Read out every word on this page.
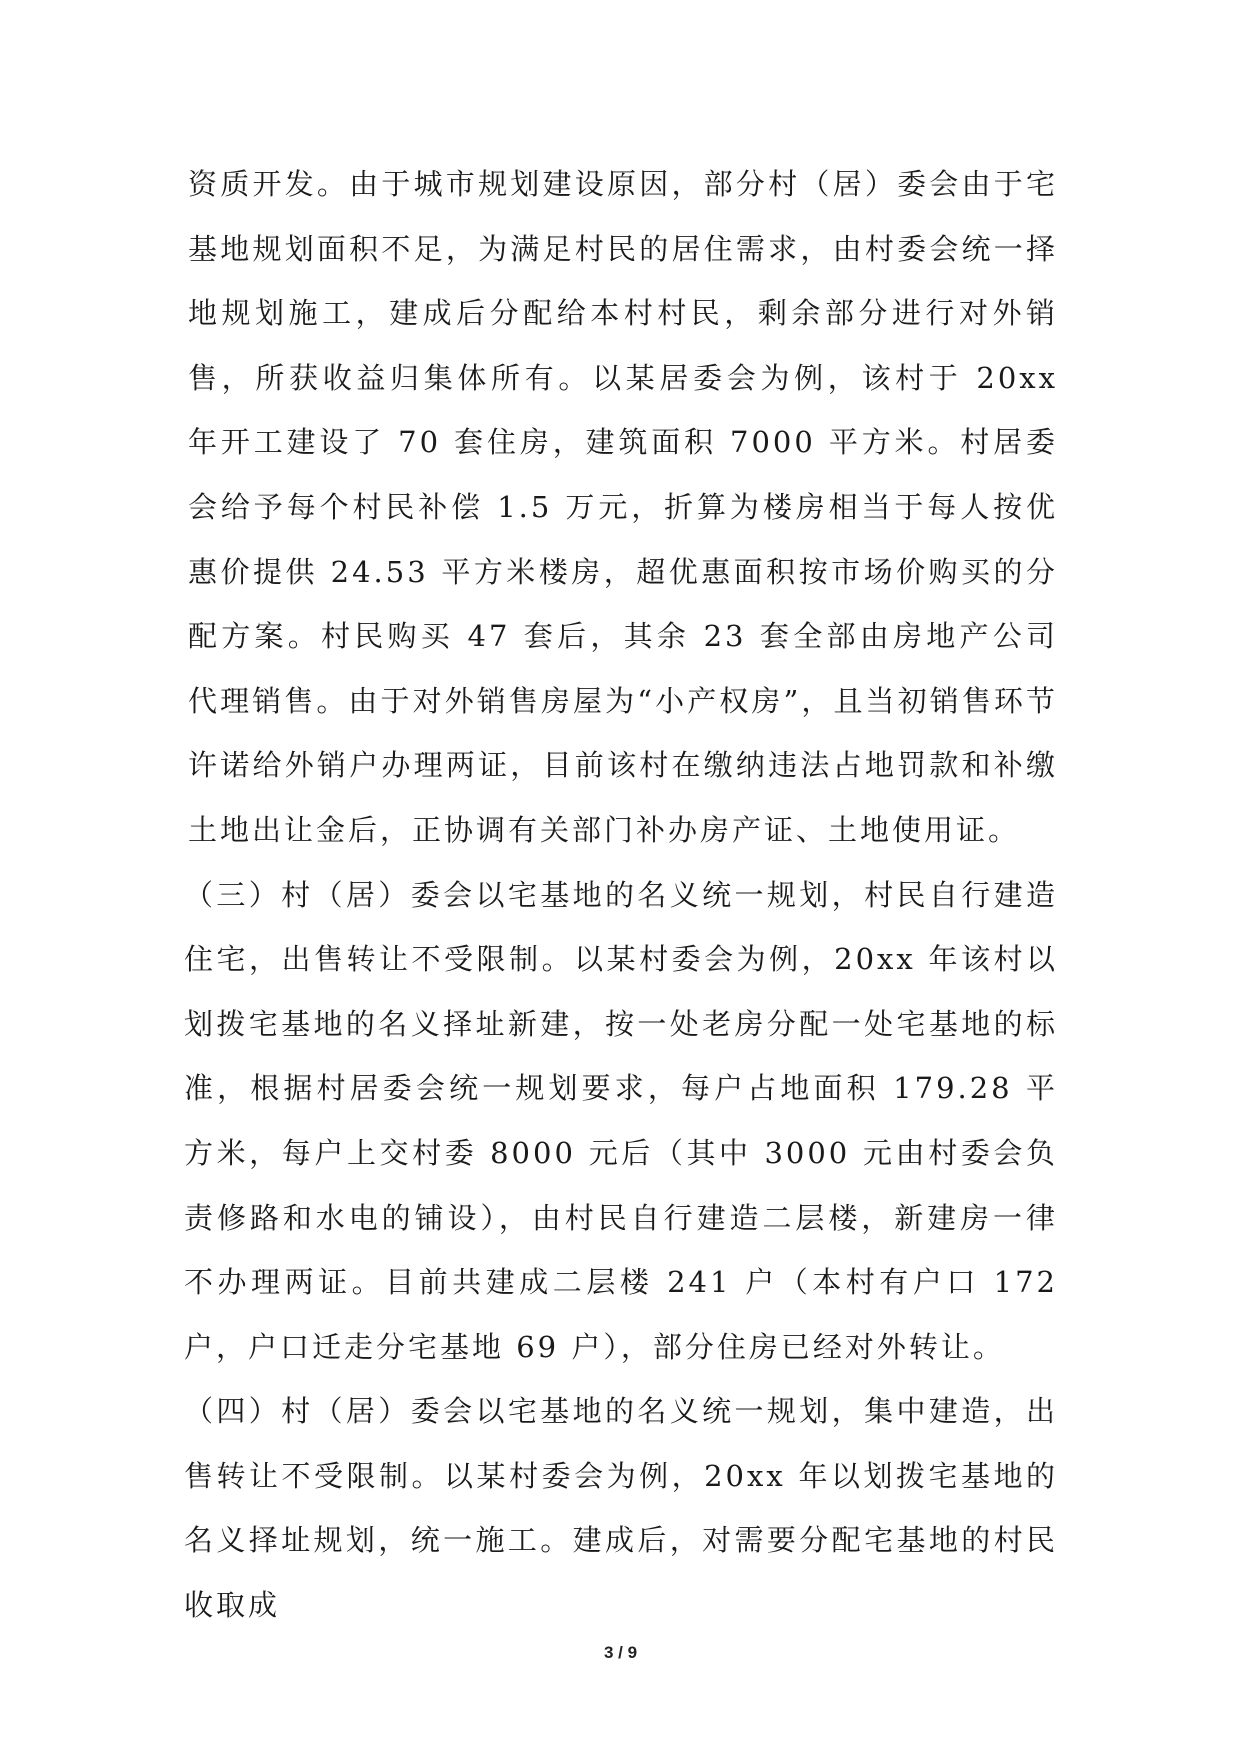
资质开发。由于城市规划建设原因，部分村（居）委会由于宅基地规划面积不足，为满足村民的居住需求，由村委会统一择地规划施工，建成后分配给本村村民，剩余部分进行对外销售，所获收益归集体所有。以某居委会为例，该村于 20xx 年开工建设了 70 套住房，建筑面积 7000 平方米。村居委会给予每个村民补偿 1.5 万元，折算为楼房相当于每人按优惠价提供 24.53 平方米楼房，超优惠面积按市场价购买的分配方案。村民购买 47 套后，其余 23 套全部由房地产公司代理销售。由于对外销售房屋为“小产权房”，且当初销售环节许诺给外销户办理两证，目前该村在缴纳违法占地罚款和补缴土地出让金后，正协调有关部门补办房产证、土地使用证。

（三）村（居）委会以宅基地的名义统一规划，村民自行建造住宅，出售转让不受限制。以某村委会为例，20xx 年该村以划拨宅基地的名义择址新建，按一处老房分配一处宅基地的标准，根据村居委会统一规划要求，每户占地面积 179.28 平方米，每户上交村委 8000 元后（其中 3000 元由村委会负责修路和水电的铺设），由村民自行建造二层楼，新建房一律不办理两证。目前共建成二层楼 241 户（本村有户口 172 户，户口迁走分宅基地 69 户），部分住房已经对外转让。

（四）村（居）委会以宅基地的名义统一规划，集中建造，出售转让不受限制。以某村委会为例，20xx 年以划拨宅基地的名义择址规划，统一施工。建成后，对需要分配宅基地的村民收取成

3 / 9
